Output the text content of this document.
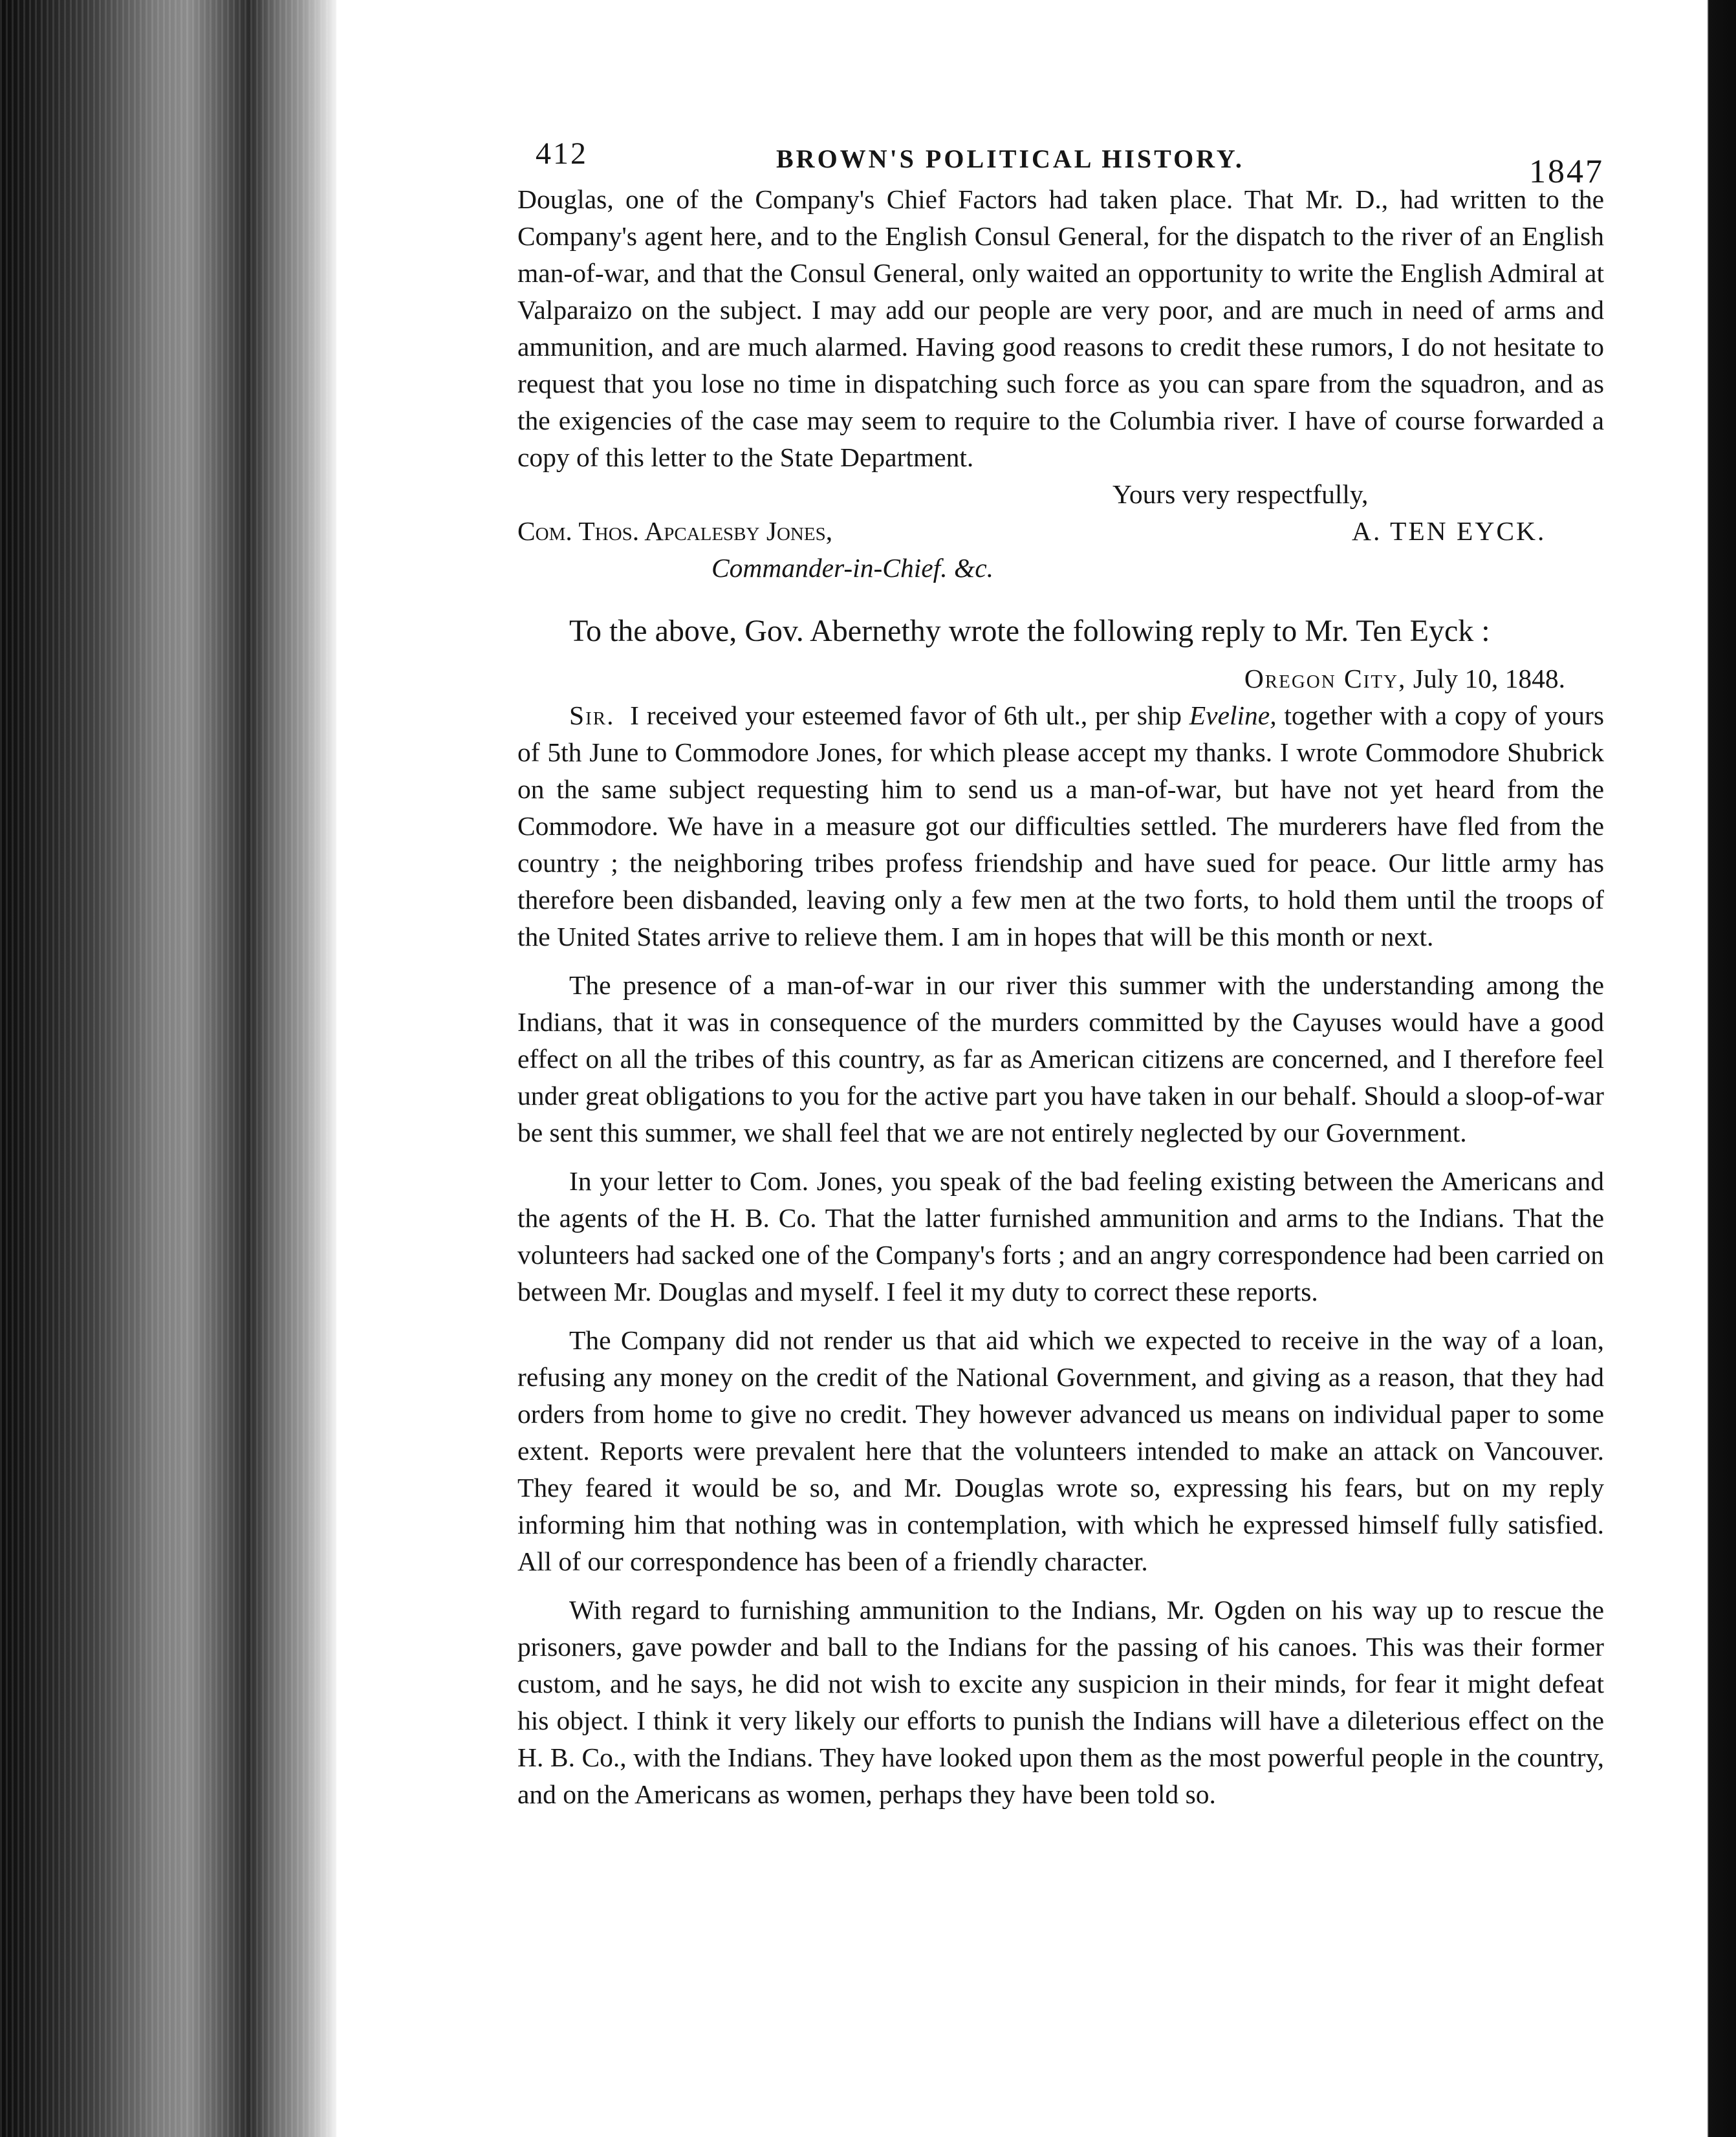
412	BROWN'S POLITICAL HISTORY.	1847

Douglas, one of the Company's Chief Factors had taken place. That Mr. D., had written to the Company's agent here, and to the English Consul General, for the dispatch to the river of an English man-of-war, and that the Consul General, only waited an opportunity to write the English Admiral at Valparaizo on the subject. I may add our people are very poor, and are much in need of arms and ammunition, and are much alarmed. Having good reasons to credit these rumors, I do not hesitate to request that you lose no time in dispatching such force as you can spare from the squadron, and as the exigencies of the case may seem to require to the Columbia river. I have of course forwarded a copy of this letter to the State Department.

Yours very respectfully,
Com. Thos. Apcalesby Jones,	A. TEN EYCK.
Commander-in-Chief. &c.

To the above, Gov. Abernethy wrote the following reply to Mr. Ten Eyck :

Oregon City, July 10, 1848.

Sir. I received your esteemed favor of 6th ult., per ship Eveline, together with a copy of yours of 5th June to Commodore Jones, for which please accept my thanks. I wrote Commodore Shubrick on the same subject requesting him to send us a man-of-war, but have not yet heard from the Commodore. We have in a measure got our difficulties settled. The murderers have fled from the country ; the neighboring tribes profess friendship and have sued for peace. Our little army has therefore been disbanded, leaving only a few men at the two forts, to hold them until the troops of the United States arrive to relieve them. I am in hopes that will be this month or next.

The presence of a man-of-war in our river this summer with the understanding among the Indians, that it was in consequence of the murders committed by the Cayuses would have a good effect on all the tribes of this country, as far as American citizens are concerned, and I therefore feel under great obligations to you for the active part you have taken in our behalf. Should a sloop-of-war be sent this summer, we shall feel that we are not entirely neglected by our Government.

In your letter to Com. Jones, you speak of the bad feeling existing between the Americans and the agents of the H. B. Co. That the latter furnished ammunition and arms to the Indians. That the volunteers had sacked one of the Company's forts ; and an angry correspondence had been carried on between Mr. Douglas and myself. I feel it my duty to correct these reports.

The Company did not render us that aid which we expected to receive in the way of a loan, refusing any money on the credit of the National Government, and giving as a reason, that they had orders from home to give no credit. They however advanced us means on individual paper to some extent. Reports were prevalent here that the volunteers intended to make an attack on Vancouver. They feared it would be so, and Mr. Douglas wrote so, expressing his fears, but on my reply informing him that nothing was in contemplation, with which he expressed himself fully satisfied. All of our correspondence has been of a friendly character.

With regard to furnishing ammunition to the Indians, Mr. Ogden on his way up to rescue the prisoners, gave powder and ball to the Indians for the passing of his canoes. This was their former custom, and he says, he did not wish to excite any suspicion in their minds, for fear it might defeat his object. I think it very likely our efforts to punish the Indians will have a dileterious effect on the H. B. Co., with the Indians. They have looked upon them as the most powerful people in the country, and on the Americans as women, perhaps they have been told so.
